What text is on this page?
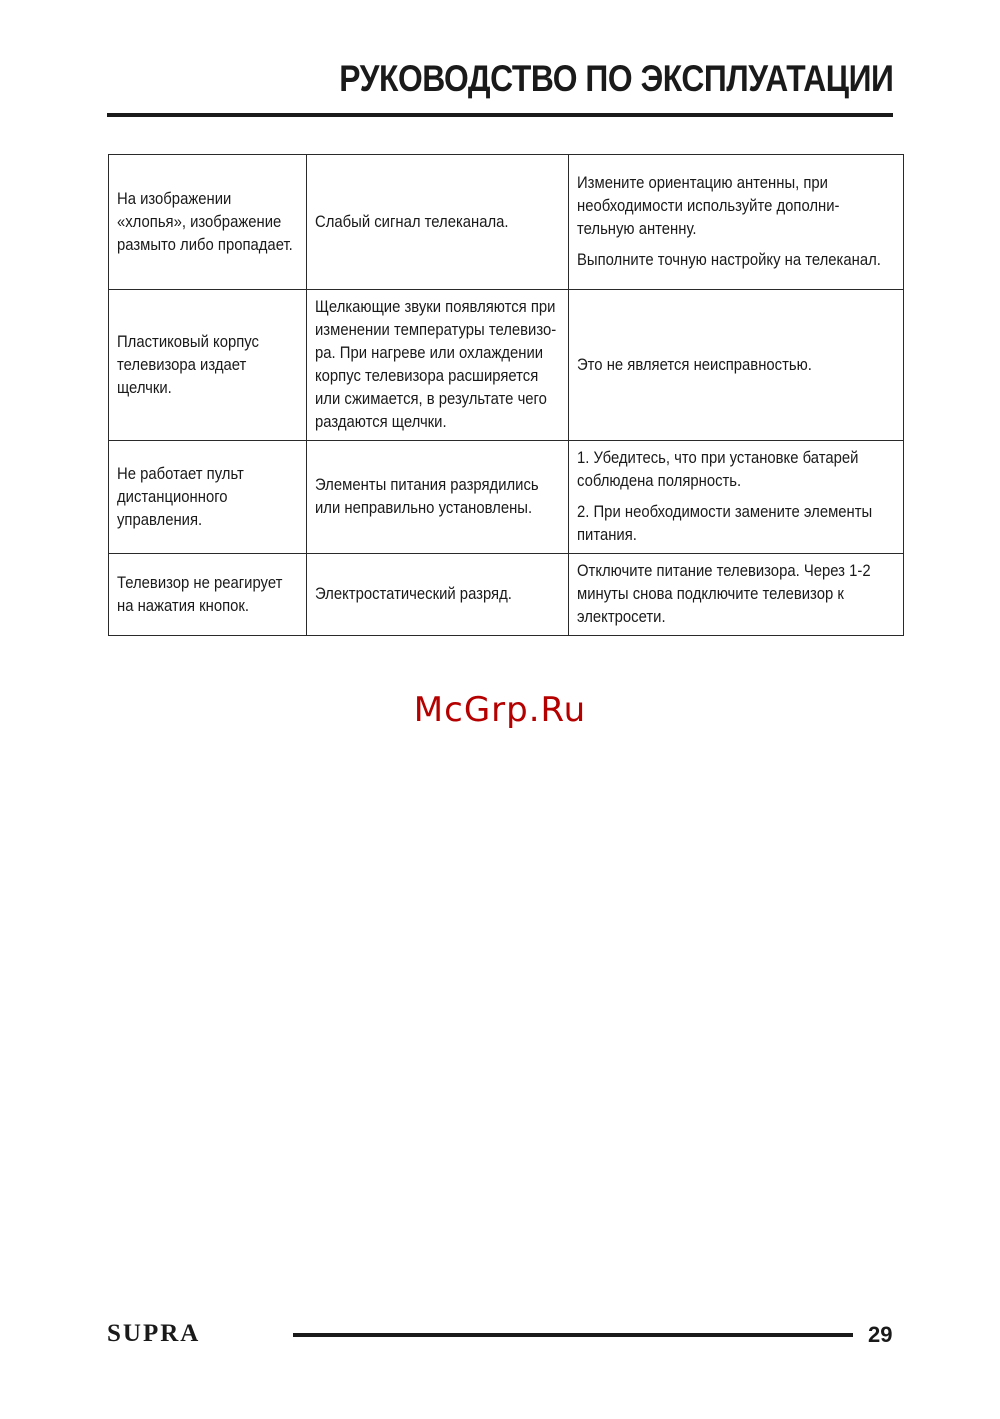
РУКОВОДСТВО ПО ЭКСПЛУАТАЦИИ
На изображении «хлопья», изображение размыто либо пропадает.	Слабый сигнал телеканала.	Измените ориентацию антенны, при необходимости используйте дополни-тельную антенну.
Выполните точную настройку на телеканал.

Пластиковый корпус телевизора издает щелчки.	Щелкающие звуки появляются при изменении температуры телевизо-ра. При нагреве или охлаждении корпус телевизора расширяется или сжимается, в результате чего раздаются щелчки.	Это не является неисправностью.

Не работает пульт дистанционного управления.	Элементы питания разрядились или неправильно установлены.	1. Убедитесь, что при установке батарей соблюдена полярность.
2. При необходимости замените элементы питания.

Телевизор не реагирует на нажатия кнопок.	Электростатический разряд.	Отключите питание телевизора. Через 1-2 минуты снова подключите телевизор к электросети.
McGrp.Ru
SUPRA	29
